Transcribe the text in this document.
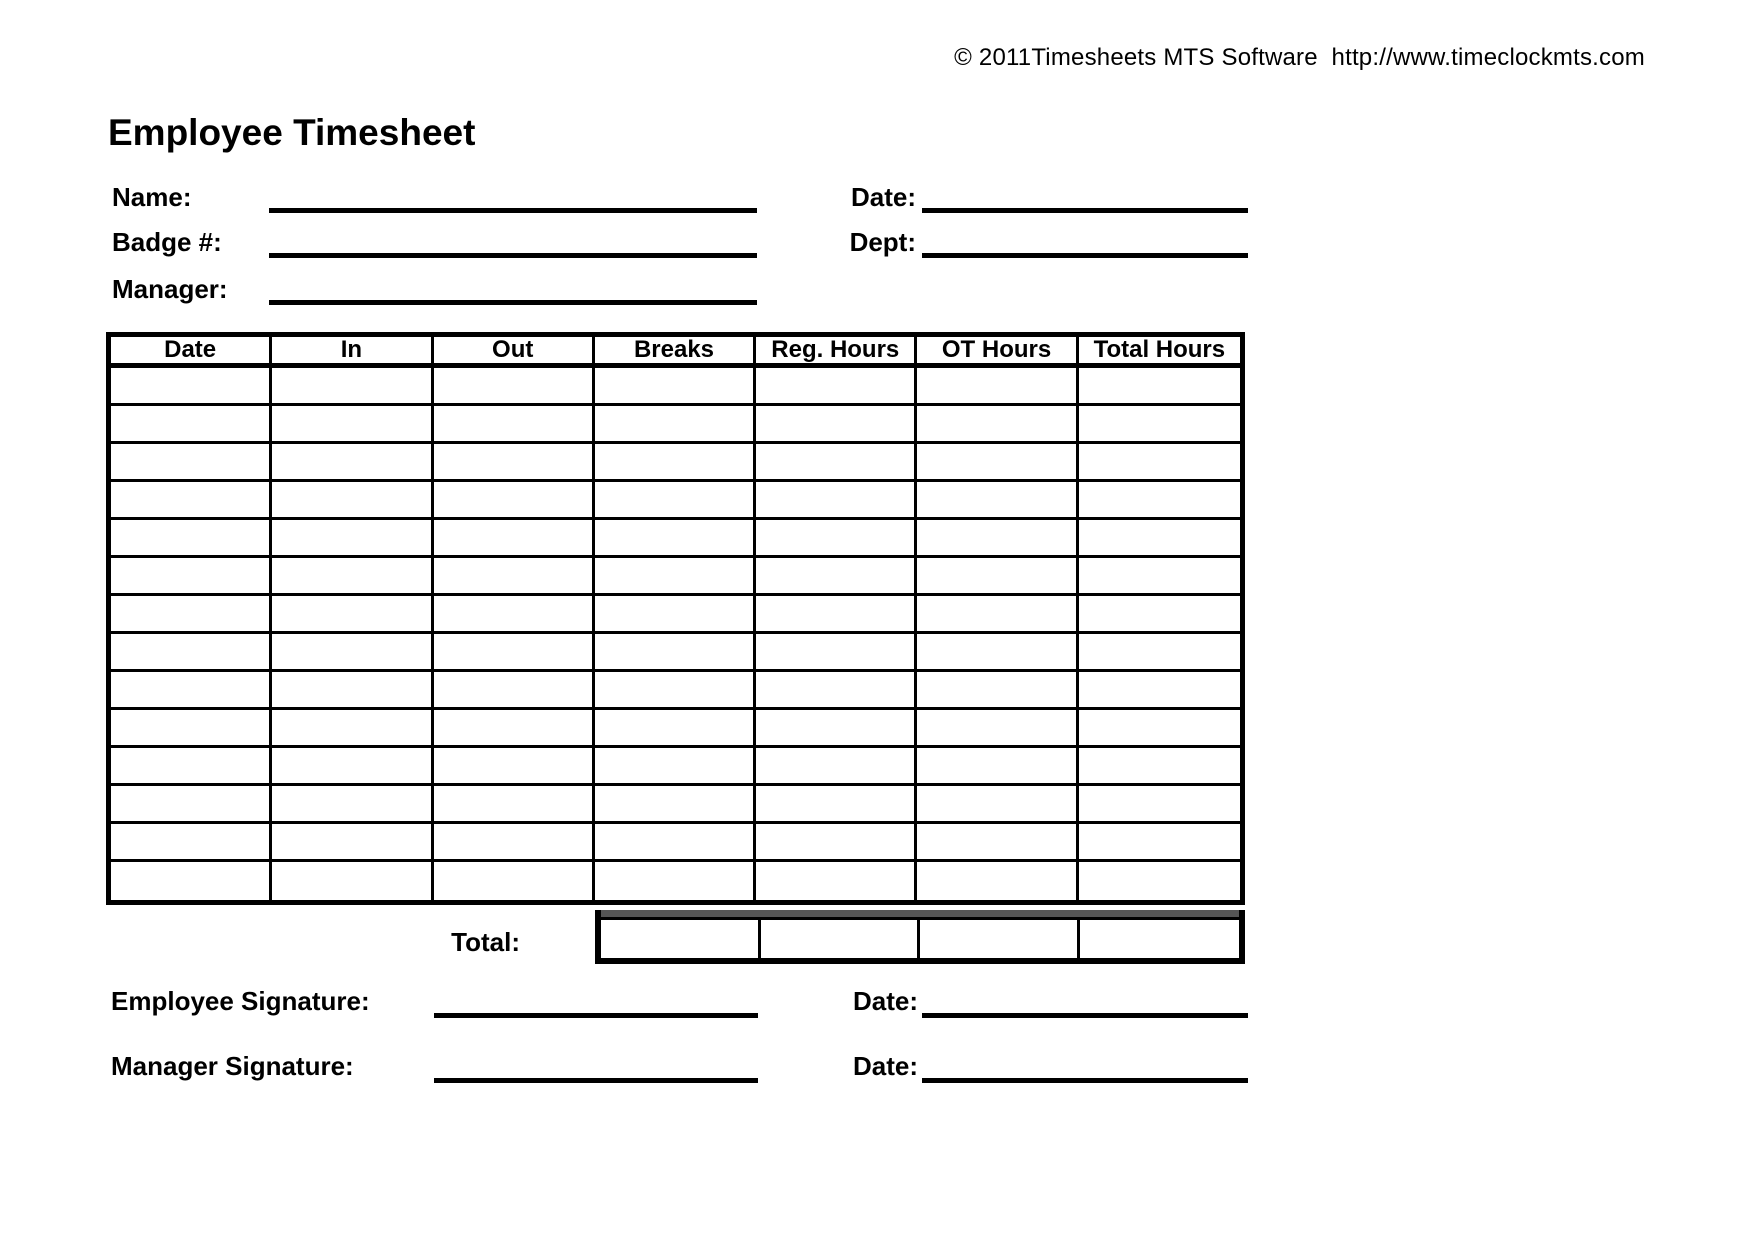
© 2011Timesheets MTS Software  http://www.timeclockmts.com
Employee Timesheet
Name:
Badge #:
Manager:
Date:
Dept:
Date	In	Out	Breaks	Reg. Hours	OT Hours	Total Hours
Total:
Employee Signature:	Date:
Manager Signature:	Date:
